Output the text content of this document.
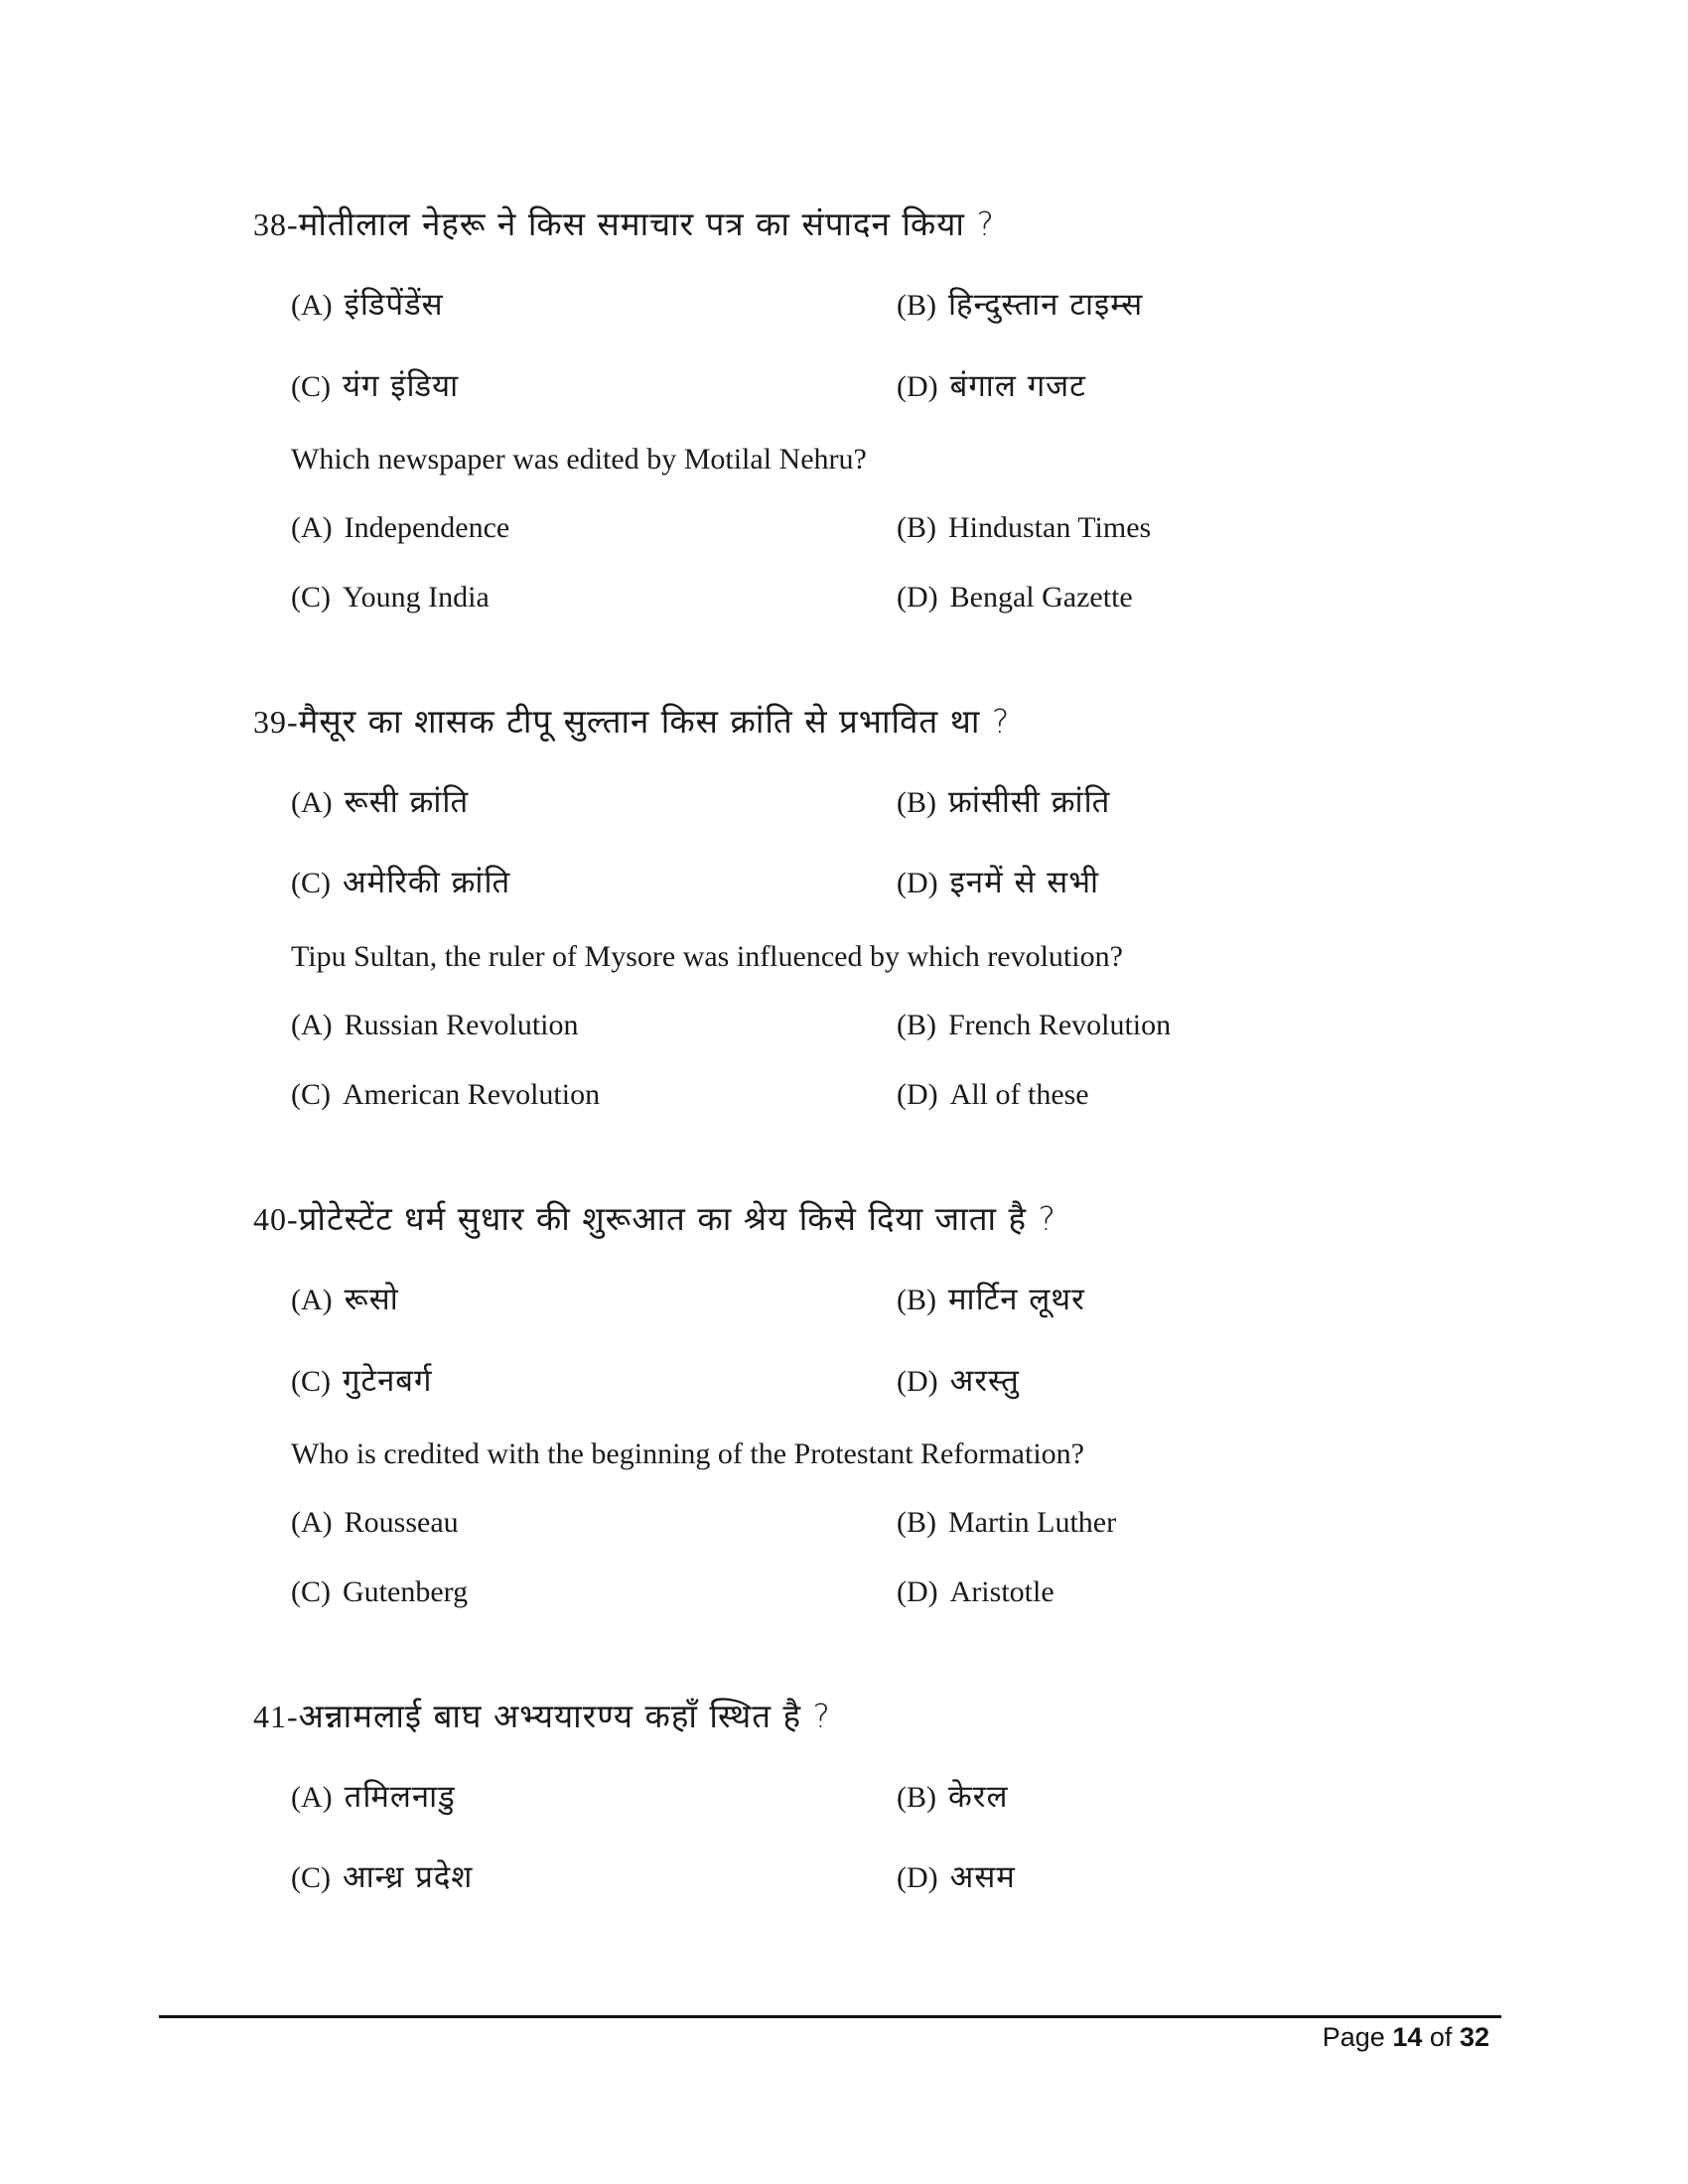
38-मोतीलाल नेहरू ने किस समाचार पत्र का संपादन किया ?
(A) इंडिपेंडेंस	(B) हिन्दुस्तान टाइम्स
(C) यंग इंडिया	(D) बंगाल गजट
Which newspaper was edited by Motilal Nehru?
(A) Independence	(B) Hindustan Times
(C) Young India	(D) Bengal Gazette
39-मैसूर का शासक टीपू सुल्तान किस क्रांति से प्रभावित था ?
(A) रूसी क्रांति	(B) फ्रांसीसी क्रांति
(C) अमेरिकी क्रांति	(D) इनमें से सभी
Tipu Sultan, the ruler of Mysore was influenced by which revolution?
(A) Russian Revolution	(B) French Revolution
(C) American Revolution	(D) All of these
40-प्रोटेस्टेंट धर्म सुधार की शुरूआत का श्रेय किसे दिया जाता है ?
(A) रूसो	(B) मार्टिन लूथर
(C) गुटेनबर्ग	(D) अरस्तु
Who is credited with the beginning of the Protestant Reformation?
(A) Rousseau	(B) Martin Luther
(C) Gutenberg	(D) Aristotle
41-अन्नामलाई बाघ अभ्ययारण्य कहाँ स्थित है ?
(A) तमिलनाडु	(B) केरल
(C) आन्ध्र प्रदेश	(D) असम
Page 14 of 32
